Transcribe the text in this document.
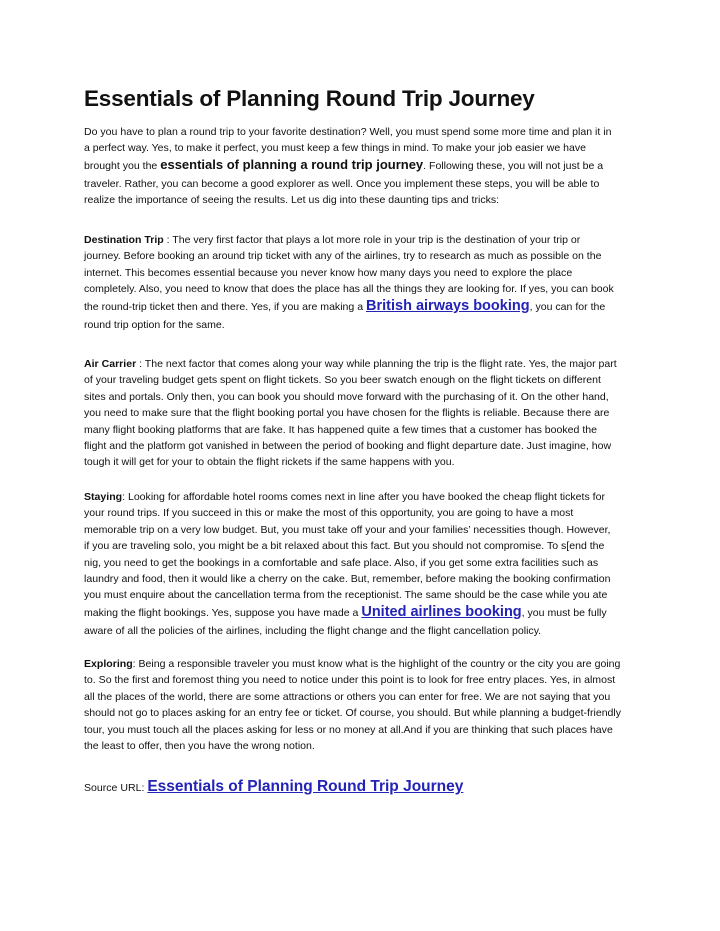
Essentials of Planning Round Trip Journey

Do you have to plan a round trip to your favorite destination? Well, you must spend some more time and plan it in
a perfect way. Yes, to make it perfect, you must keep a few things in mind. To make your job easier we have
brought you the essentials of planning a round trip journey. Following these, you will not just be a
traveler. Rather, you can become a good explorer as well. Once you implement these steps, you will be able to
realize the importance of seeing the results. Let us dig into these daunting tips and tricks:

Destination Trip : The very first factor that plays a lot more role in your trip is the destination of your trip or
journey. Before booking an around trip ticket with any of the airlines, try to research as much as possible on the
internet. This becomes essential because you never know how many days you need to explore the place
completely. Also, you need to know that does the place has all the things they are looking for. If yes, you can book
the round-trip ticket then and there. Yes, if you are making a British airways booking, you can for the
round trip option for the same.

Air Carrier : The next factor that comes along your way while planning the trip is the flight rate. Yes, the major part
of your traveling budget gets spent on flight tickets. So you beer swatch enough on the flight tickets on different
sites and portals. Only then, you can book you should move forward with the purchasing of it. On the other hand,
you need to make sure that the flight booking portal you have chosen for the flights is reliable. Because there are
many flight booking platforms that are fake. It has happened quite a few times that a customer has booked the
flight and the platform got vanished in between the period of booking and flight departure date. Just imagine, how
tough it will get for your to obtain the flight rickets if the same happens with you.

Staying: Looking for affordable hotel rooms comes next in line after you have booked the cheap flight tickets for
your round trips. If you succeed in this or make the most of this opportunity, you are going to have a most
memorable trip on a very low budget. But, you must take off your and your families’ necessities though. However,
if you are traveling solo, you might be a bit relaxed about this fact. But you should not compromise. To s[end the
nig, you need to get the bookings in a comfortable and safe place. Also, if you get some extra facilities such as
laundry and food, then it would like a cherry on the cake. But, remember, before making the booking confirmation
you must enquire about the cancellation terma from the receptionist. The same should be the case while you ate
making the flight bookings. Yes, suppose you have made a United airlines booking, you must be fully
aware of all the policies of the airlines, including the flight change and the flight cancellation policy.

Exploring: Being a responsible traveler you must know what is the highlight of the country or the city you are going
to. So the first and foremost thing you need to notice under this point is to look for free entry places. Yes, in almost
all the places of the world, there are some attractions or others you can enter for free. We are not saying that you
should not go to places asking for an entry fee or ticket. Of course, you should. But while planning a budget-friendly
tour, you must touch all the places asking for less or no money at all.And if you are thinking that such places have
the least to offer, then you have the wrong notion.

Source URL: Essentials of Planning Round Trip Journey
